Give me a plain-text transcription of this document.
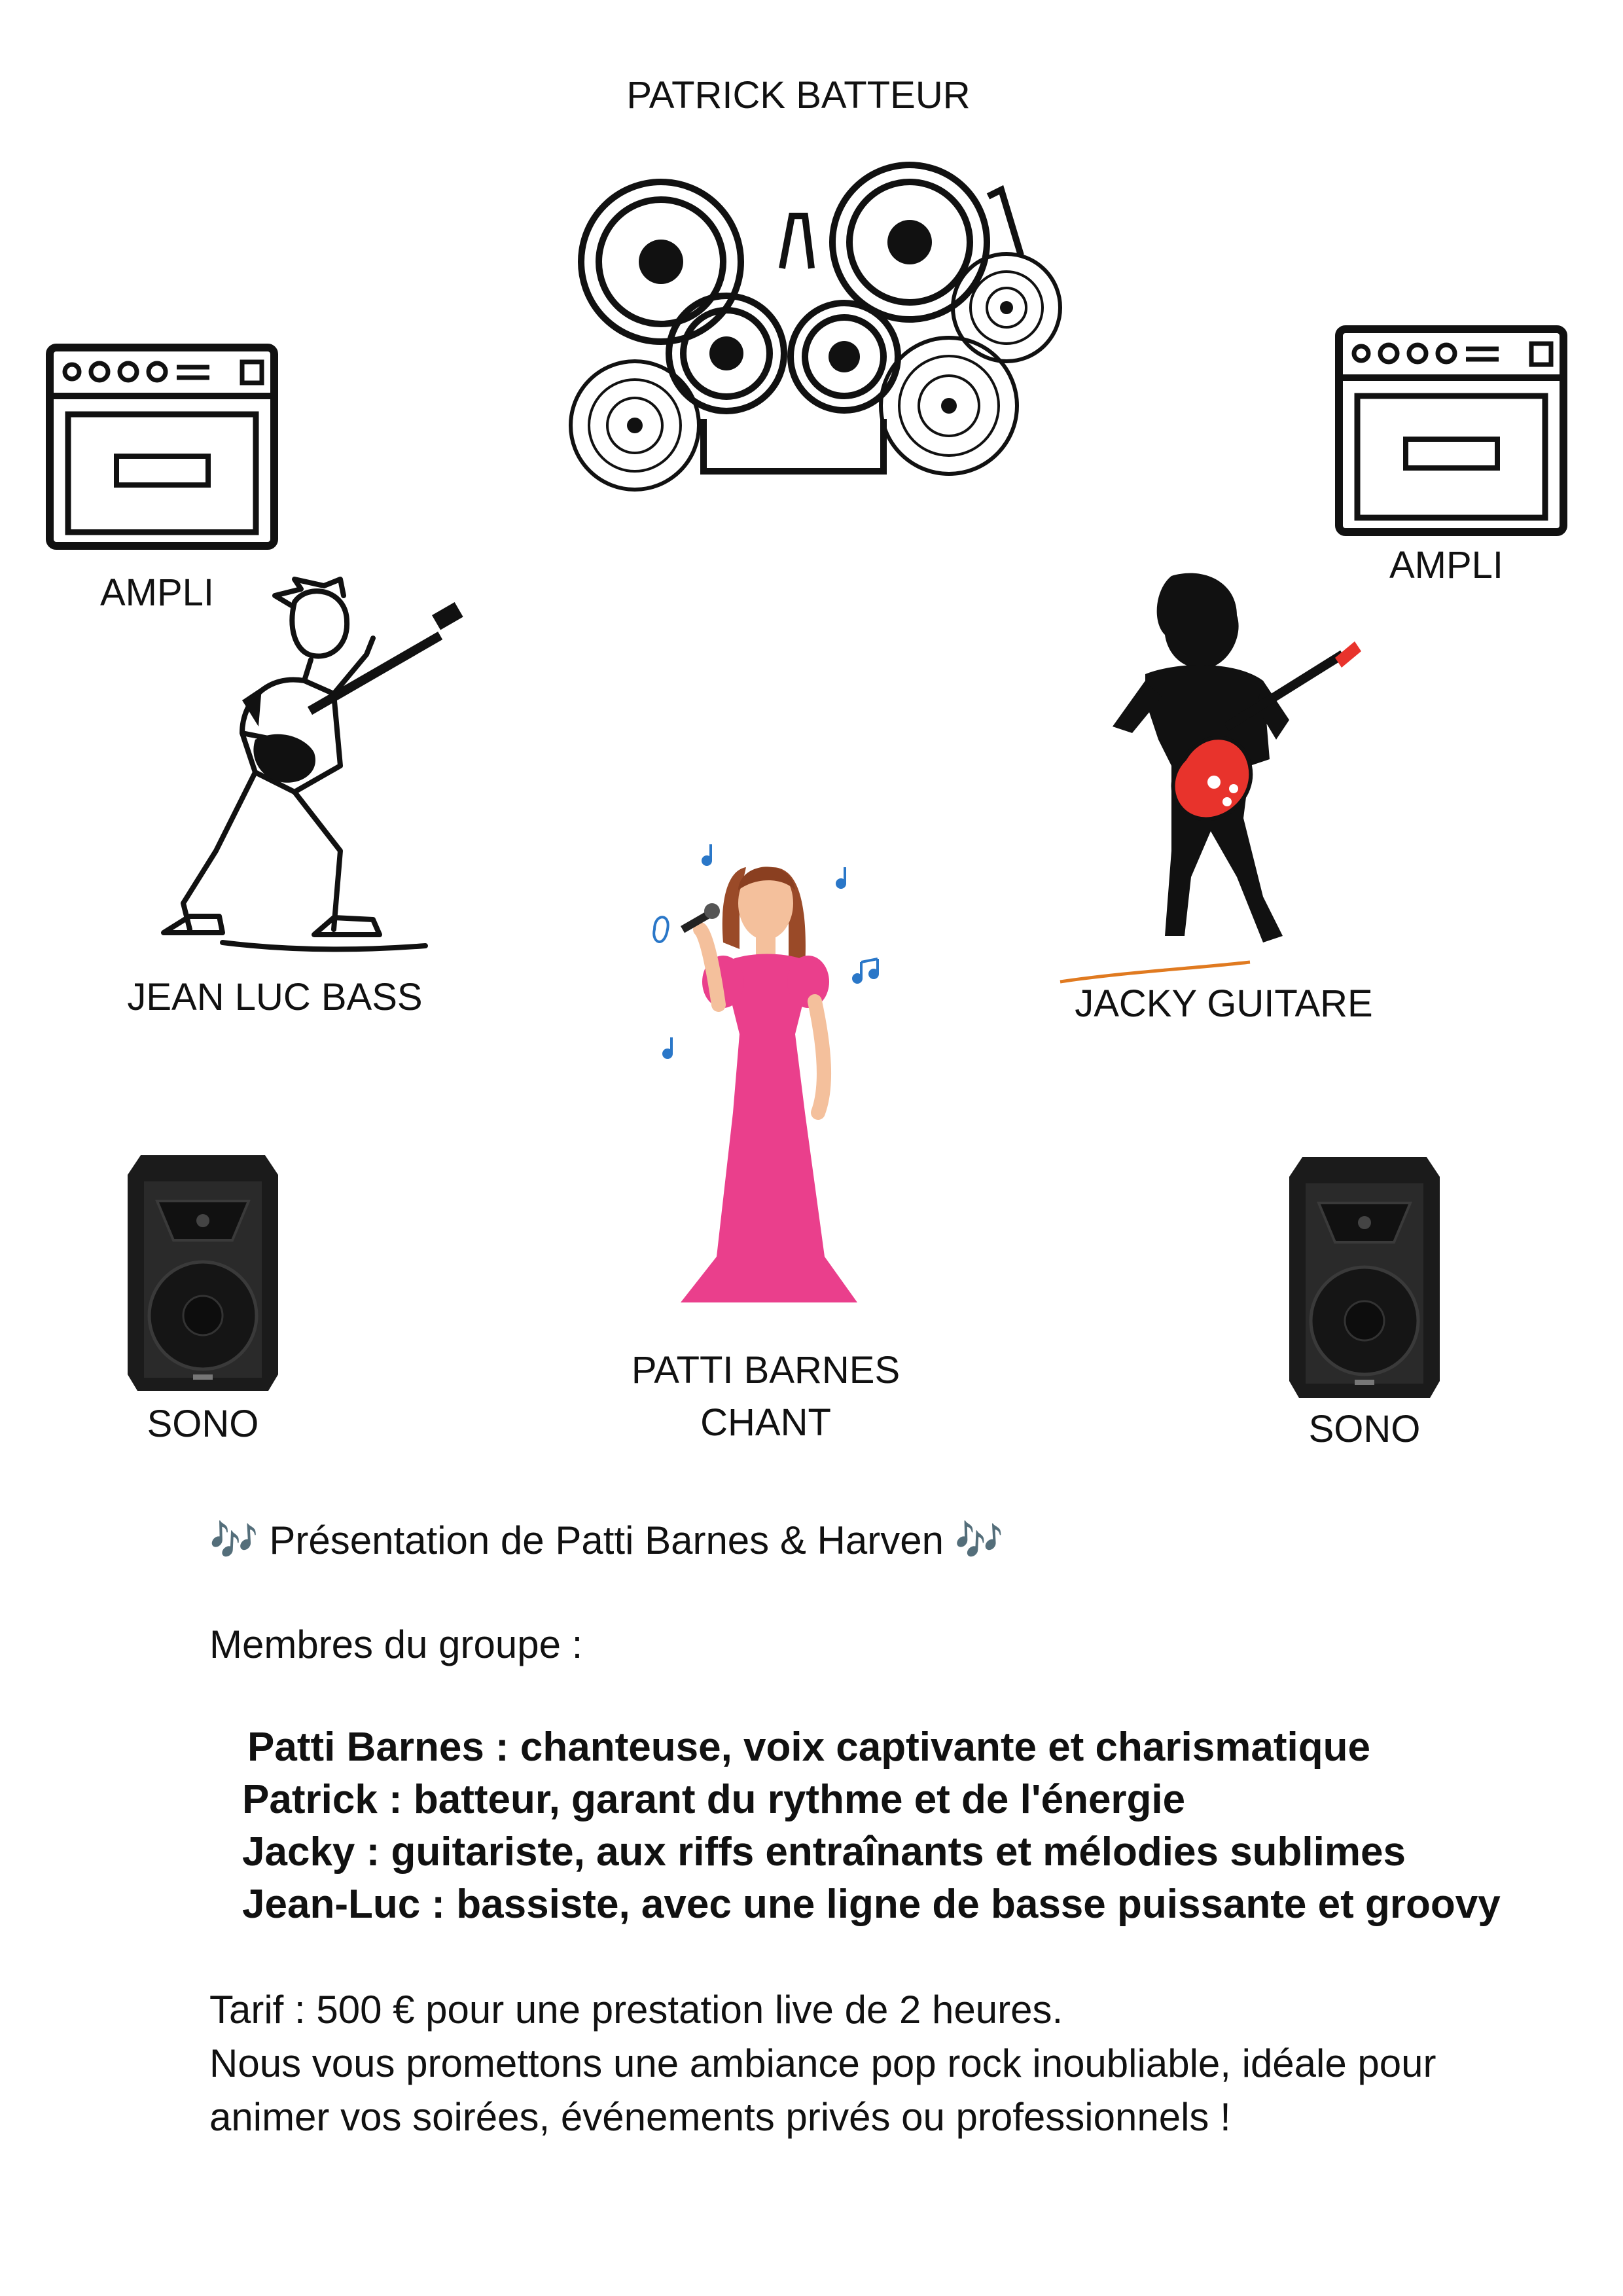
PATRICK BATTEUR
AMPLI
AMPLI
JEAN LUC BASS	JACKY GUITARE
PATTI BARNES
CHANT
SONO	SONO
🎶 Présentation de Patti Barnes & Harven 🎶
Membres du groupe :
Patti Barnes : chanteuse, voix captivante et charismatique
Patrick : batteur, garant du rythme et de l'énergie
Jacky : guitariste, aux riffs entraînants et mélodies sublimes
Jean-Luc : bassiste, avec une ligne de basse puissante et groovy
Tarif : 500 € pour une prestation live de 2 heures.
Nous vous promettons une ambiance pop rock inoubliable, idéale pour
animer vos soirées, événements privés ou professionnels !
